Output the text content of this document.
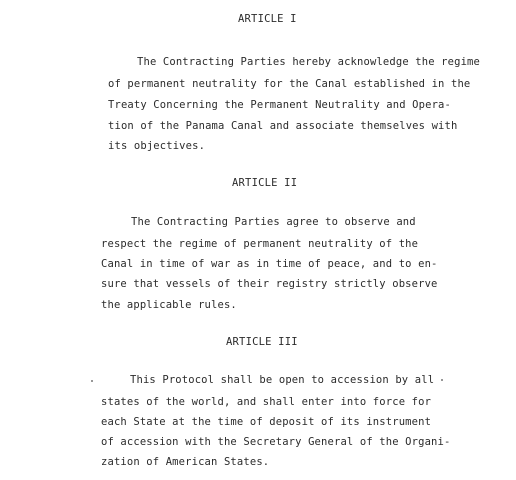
ARTICLE I
The Contracting Parties hereby acknowledge the regime
of permanent neutrality for the Canal established in the
Treaty Concerning the Permanent Neutrality and Opera-
tion of the Panama Canal and associate themselves with
its objectives.
ARTICLE II
The Contracting Parties agree to observe and
respect the regime of permanent neutrality of the
Canal in time of war as in time of peace, and to en-
sure that vessels of their registry strictly observe
the applicable rules.
ARTICLE III
This Protocol shall be open to accession by all
states of the world, and shall enter into force for
each State at the time of deposit of its instrument
of accession with the Secretary General of the Organi-
zation of American States.
